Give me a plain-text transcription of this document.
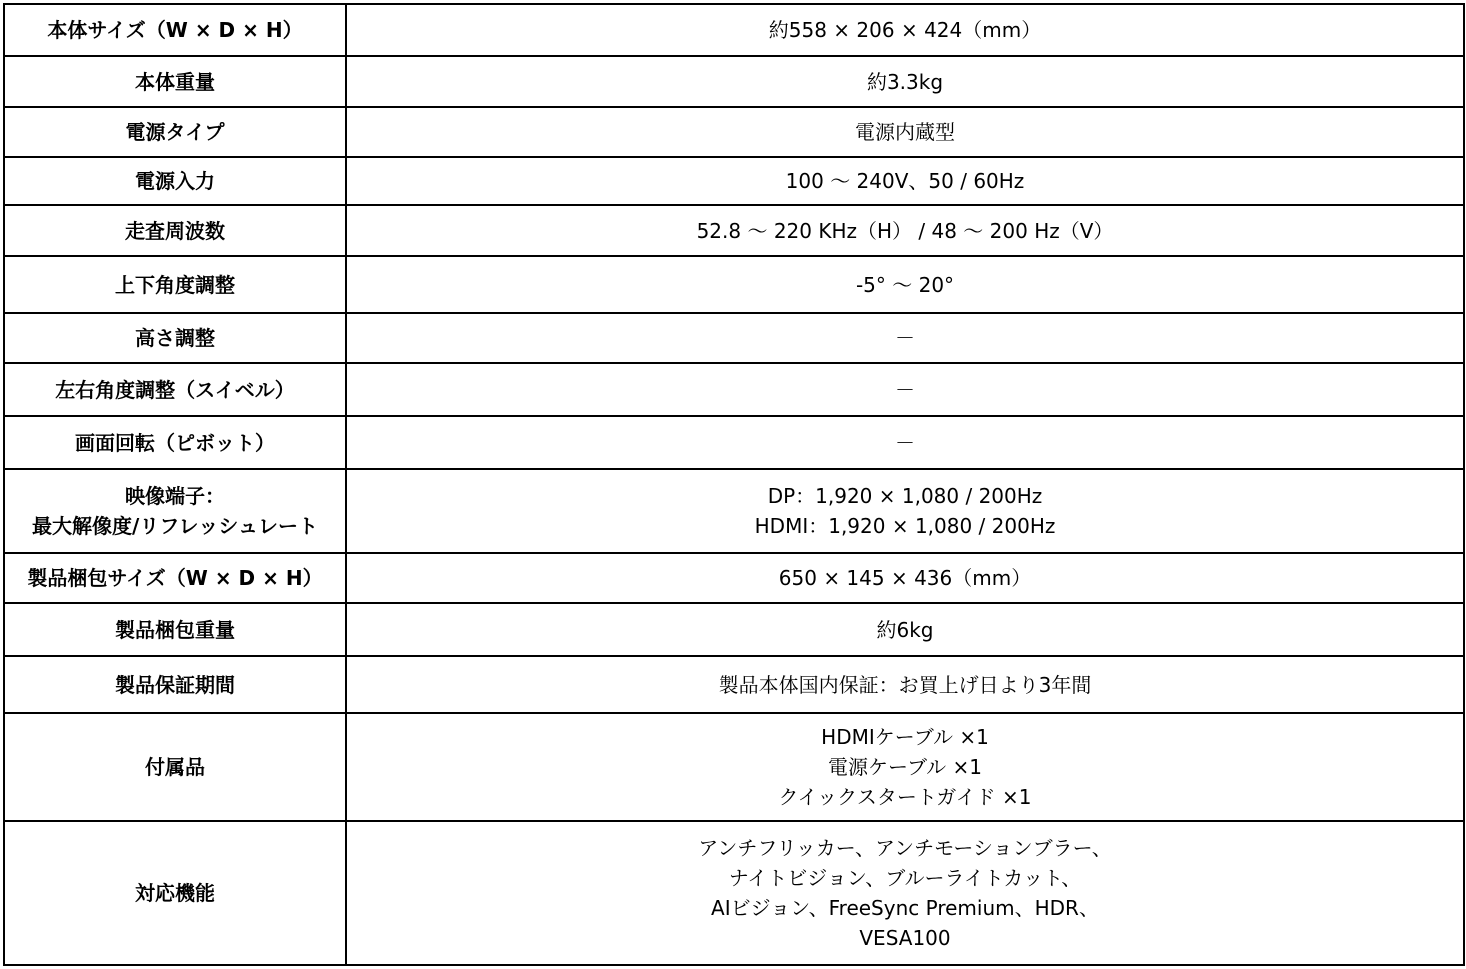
本体サイズ（W × D × H）	約558 × 206 × 424（mm）

本体重量	約3.3kg

電源タイプ	電源内蔵型

電源入力	100 ～ 240V、50 / 60Hz

走査周波数	52.8 ～ 220 KHz（H） / 48 ～ 200 Hz（V）

上下角度調整	-5° ～ 20°

高さ調整	－

左右角度調整（スイベル）	－

画面回転（ピボット）	－

映像端子：
最大解像度/リフレッシュレート	DP：1,920 × 1,080 / 200Hz
HDMI：1,920 × 1,080 / 200Hz

製品梱包サイズ（W × D × H）	650 × 145 × 436（mm）

製品梱包重量	約6kg

製品保証期間	製品本体国内保証：お買上げ日より3年間

付属品	HDMIケーブル ×1
電源ケーブル ×1
クイックスタートガイド ×1

対応機能	アンチフリッカー、アンチモーションブラー、
ナイトビジョン、ブルーライトカット、
AIビジョン、FreeSync Premium、HDR、
VESA100
